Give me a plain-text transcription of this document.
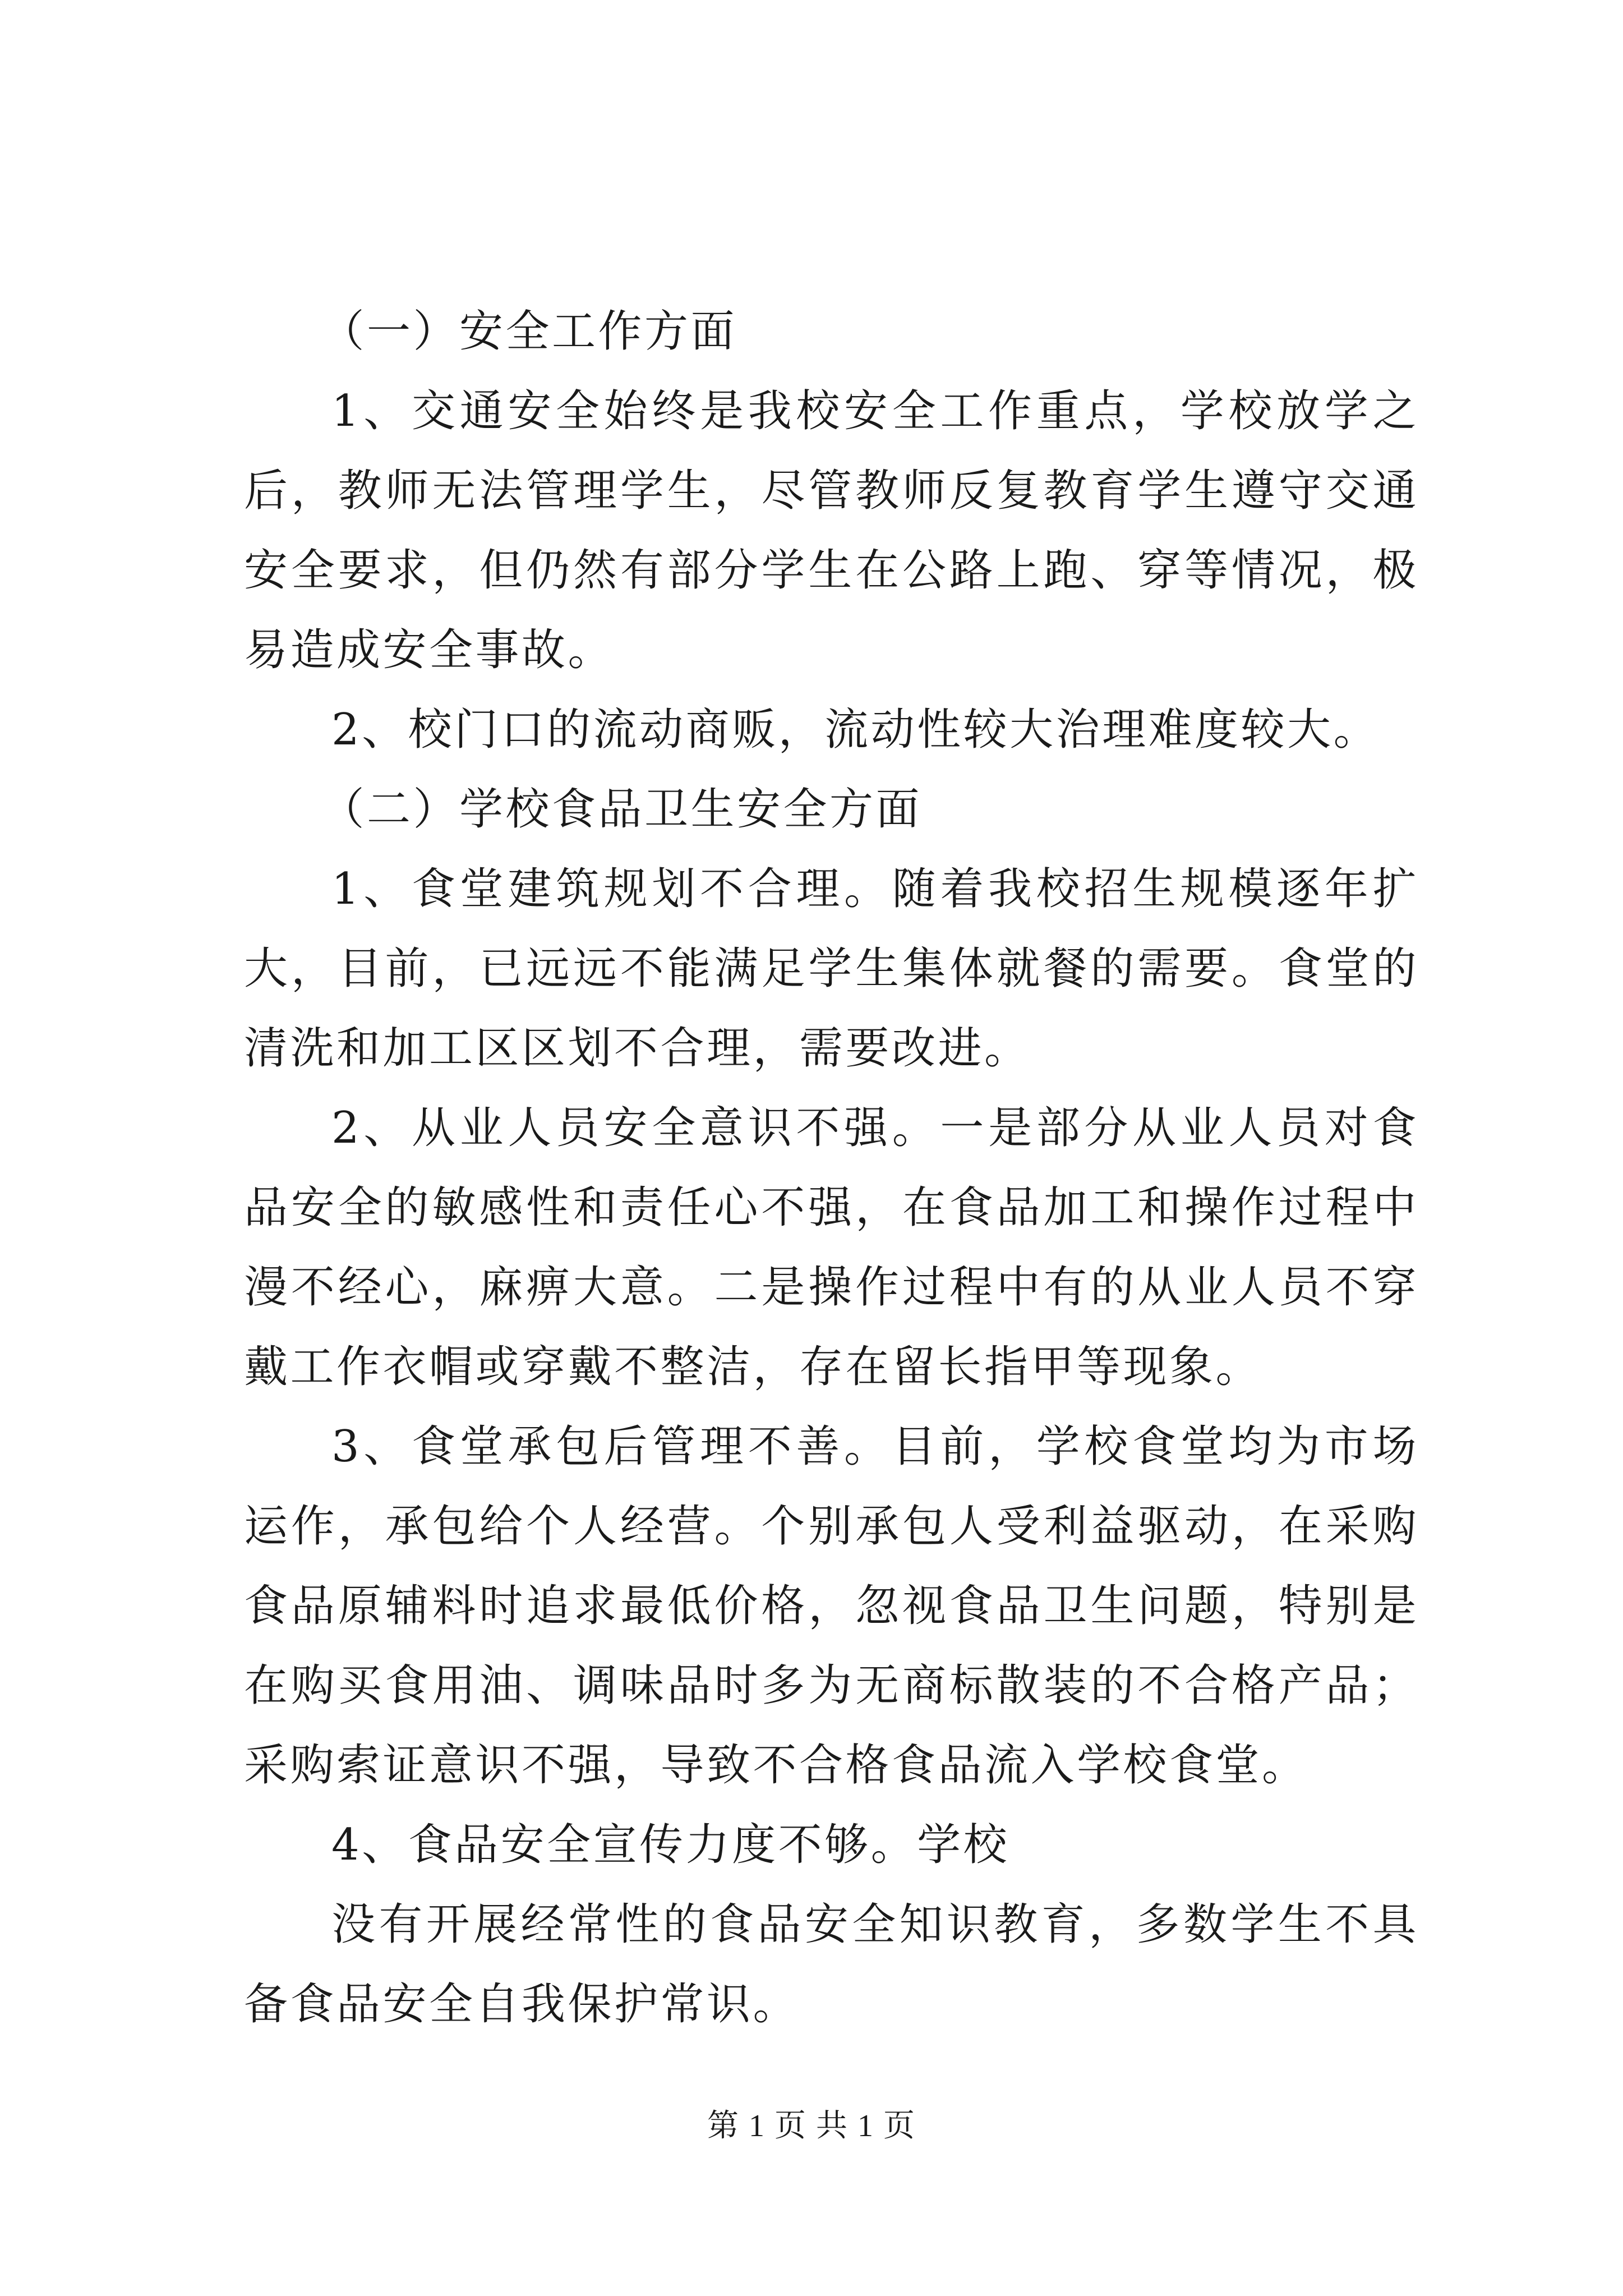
（一）安全工作方面

1、交通安全始终是我校安全工作重点，学校放学之后，教师无法管理学生，尽管教师反复教育学生遵守交通安全要求，但仍然有部分学生在公路上跑、穿等情况，极易造成安全事故。

2、校门口的流动商贩，流动性较大治理难度较大。

（二）学校食品卫生安全方面

1、食堂建筑规划不合理。随着我校招生规模逐年扩大，目前，已远远不能满足学生集体就餐的需要。食堂的清洗和加工区区划不合理，需要改进。

2、从业人员安全意识不强。一是部分从业人员对食品安全的敏感性和责任心不强，在食品加工和操作过程中漫不经心，麻痹大意。二是操作过程中有的从业人员不穿戴工作衣帽或穿戴不整洁，存在留长指甲等现象。

3、食堂承包后管理不善。目前，学校食堂均为市场运作，承包给个人经营。个别承包人受利益驱动，在采购食品原辅料时追求最低价格，忽视食品卫生问题，特别是在购买食用油、调味品时多为无商标散装的不合格产品；采购索证意识不强，导致不合格食品流入学校食堂。

4、食品安全宣传力度不够。学校

没有开展经常性的食品安全知识教育，多数学生不具备食品安全自我保护常识。

第 1 页 共 1 页
